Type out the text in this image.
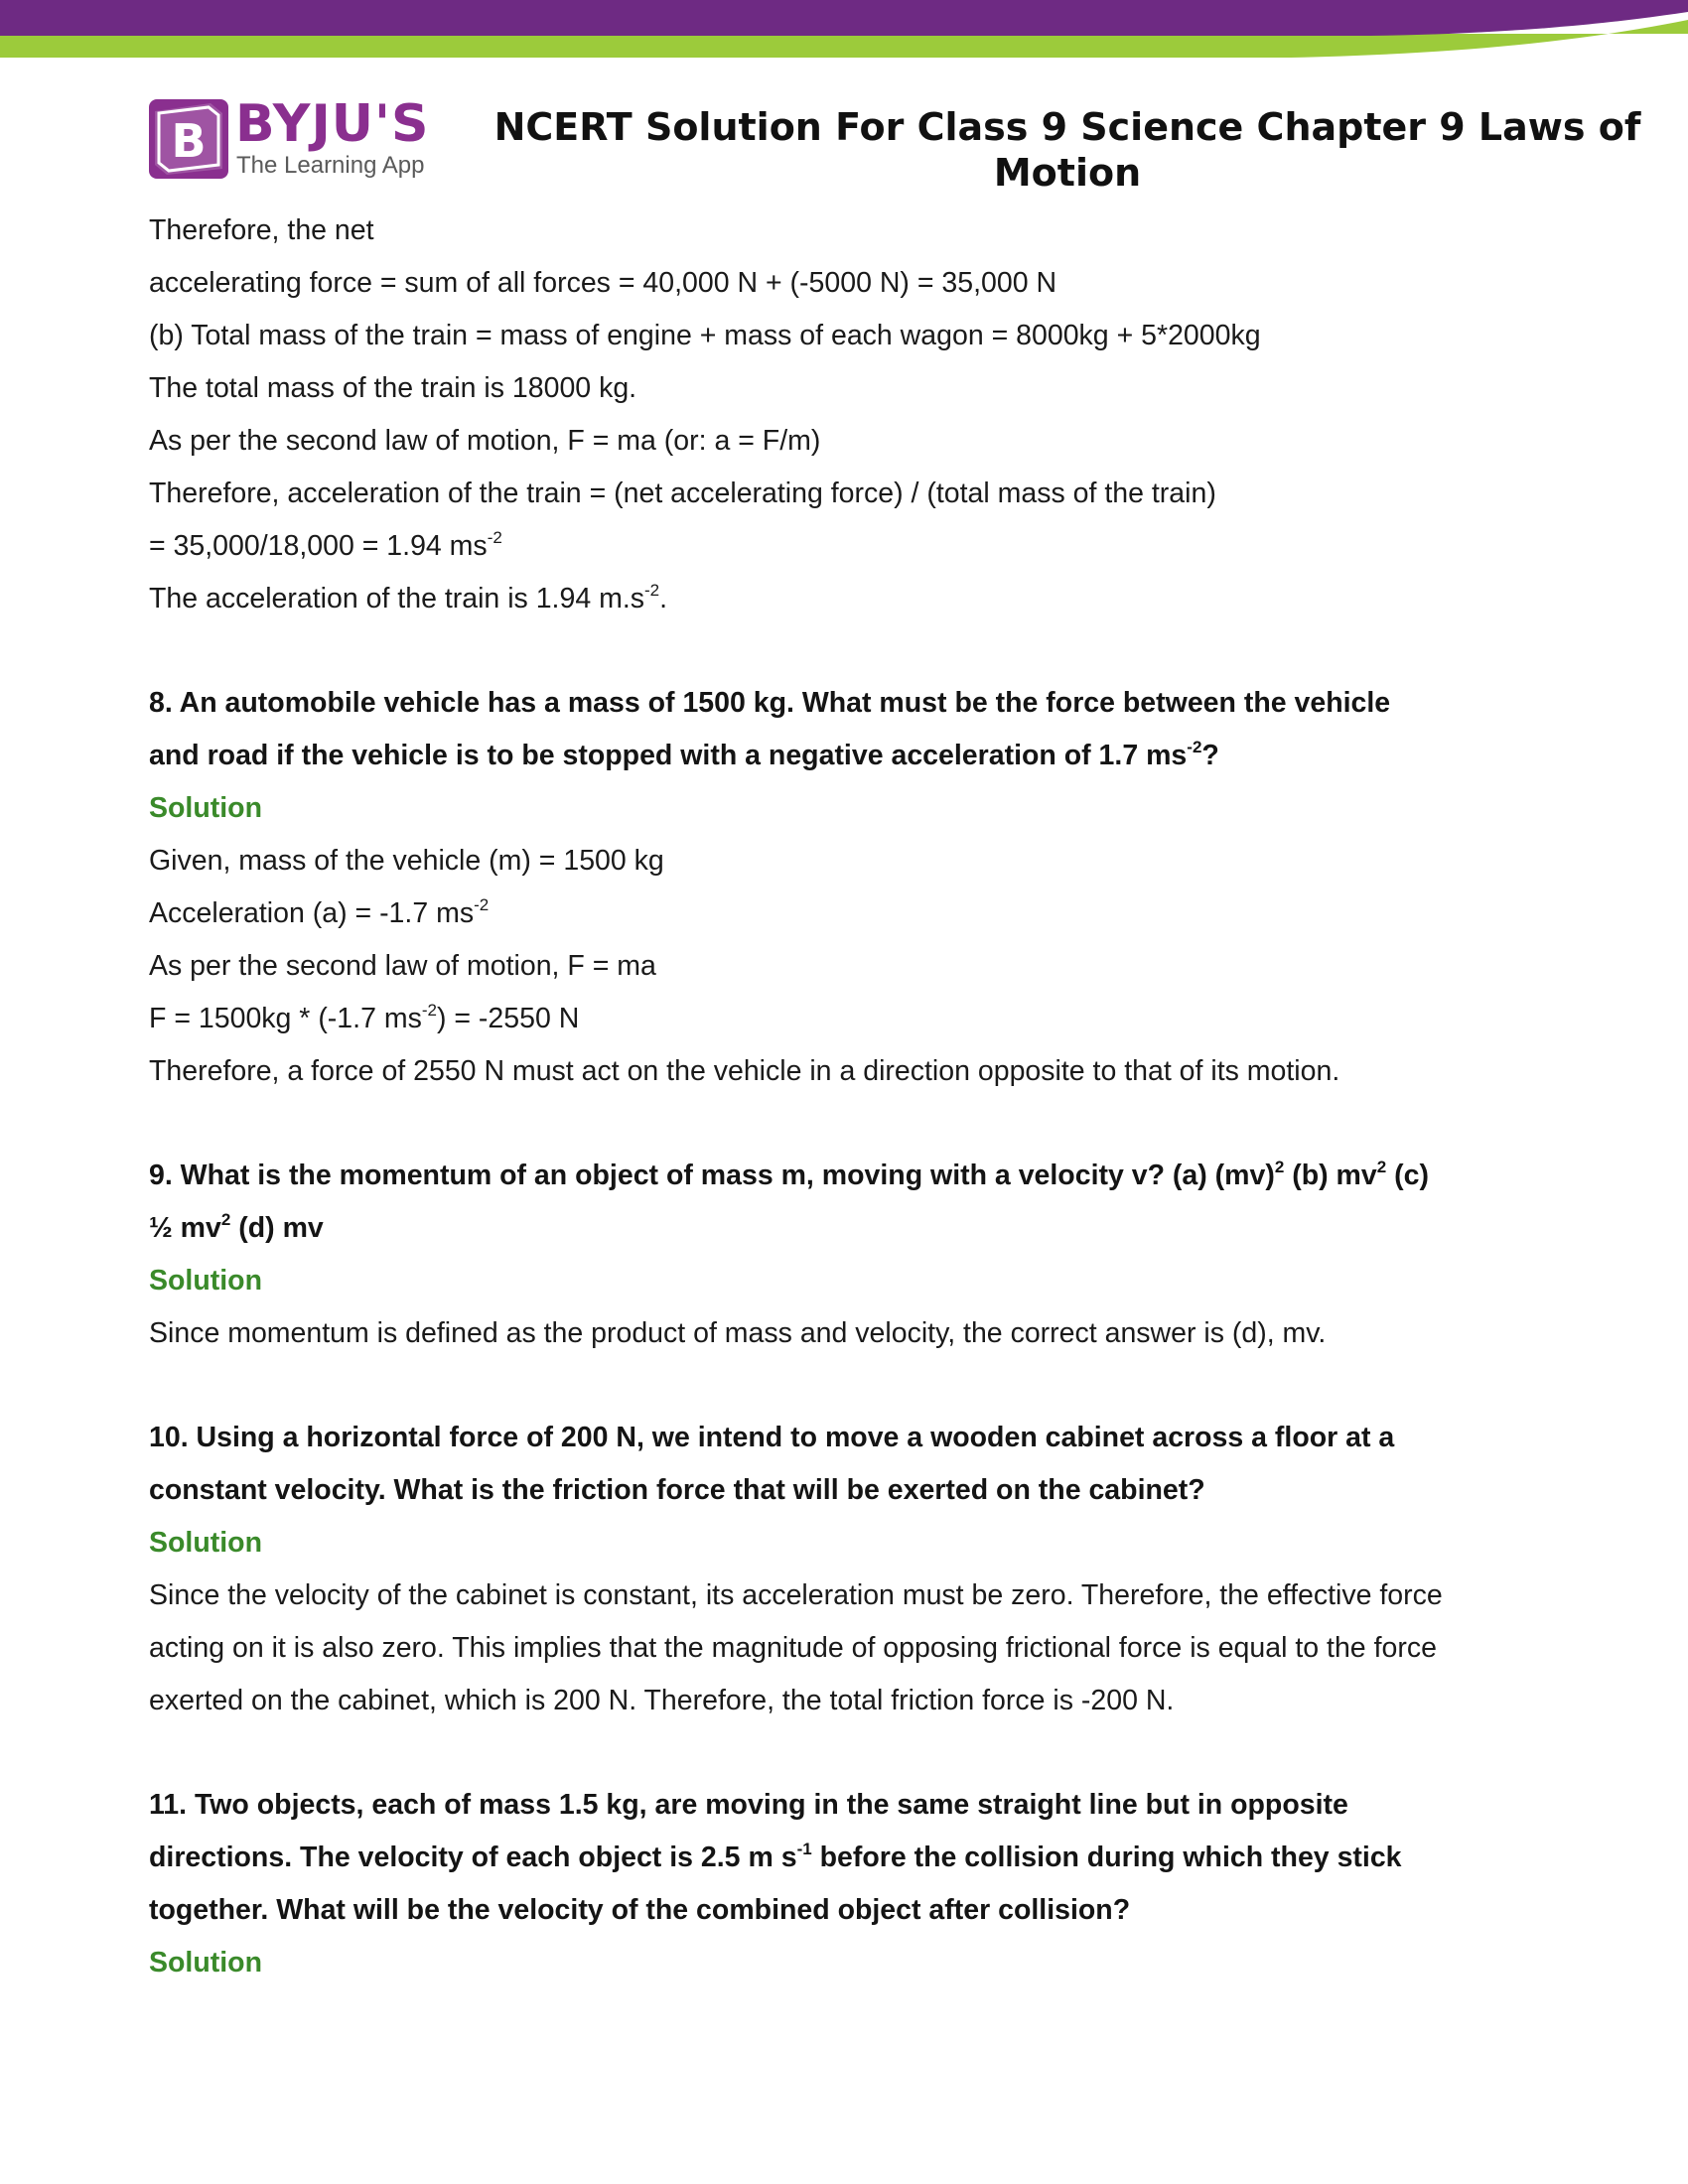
B BYJU'S
The Learning App
NCERT Solution For Class 9 Science Chapter 9 Laws of Motion
Therefore, the net
accelerating force = sum of all forces = 40,000 N + (-5000 N) = 35,000 N
(b) Total mass of the train = mass of engine + mass of each wagon = 8000kg + 5*2000kg
The total mass of the train is 18000 kg.
As per the second law of motion, F = ma (or: a = F/m)
Therefore, acceleration of the train = (net accelerating force) / (total mass of the train)
= 35,000/18,000 = 1.94 $ms^{-2}$
The acceleration of the train is 1.94 $m.s^{-2}$.
8. An automobile vehicle has a mass of 1500 kg. What must be the force between the vehicle
and road if the vehicle is to be stopped with a negative acceleration of 1.7 $ms^{-2}$?
Solution
Given, mass of the vehicle (m) = 1500 kg
Acceleration (a) = -1.7 $ms^{-2}$
As per the second law of motion, F = ma
F = 1500kg * (-1.7 $ms^{-2}) = -2550$ N
Therefore, a force of 2550 N must act on the vehicle in a direction opposite to that of its motion.
9. What is the momentum of an object of mass m, moving with a velocity v? (a) (mv)$^2$ (b) $mv^2$ (c)
½ $mv^2$ (d) mv
Solution
Since momentum is defined as the product of mass and velocity, the correct answer is (d), mv.
10. Using a horizontal force of 200 N, we intend to move a wooden cabinet across a floor at a
constant velocity. What is the friction force that will be exerted on the cabinet?
Solution
Since the velocity of the cabinet is constant, its acceleration must be zero. Therefore, the effective force
acting on it is also zero. This implies that the magnitude of opposing frictional force is equal to the force
exerted on the cabinet, which is 200 N. Therefore, the total friction force is -200 N.
11. Two objects, each of mass 1.5 kg, are moving in the same straight line but in opposite
directions. The velocity of each object is 2.5 m $s^{-1}$ before the collision during which they stick
together. What will be the velocity of the combined object after collision?
Solution
